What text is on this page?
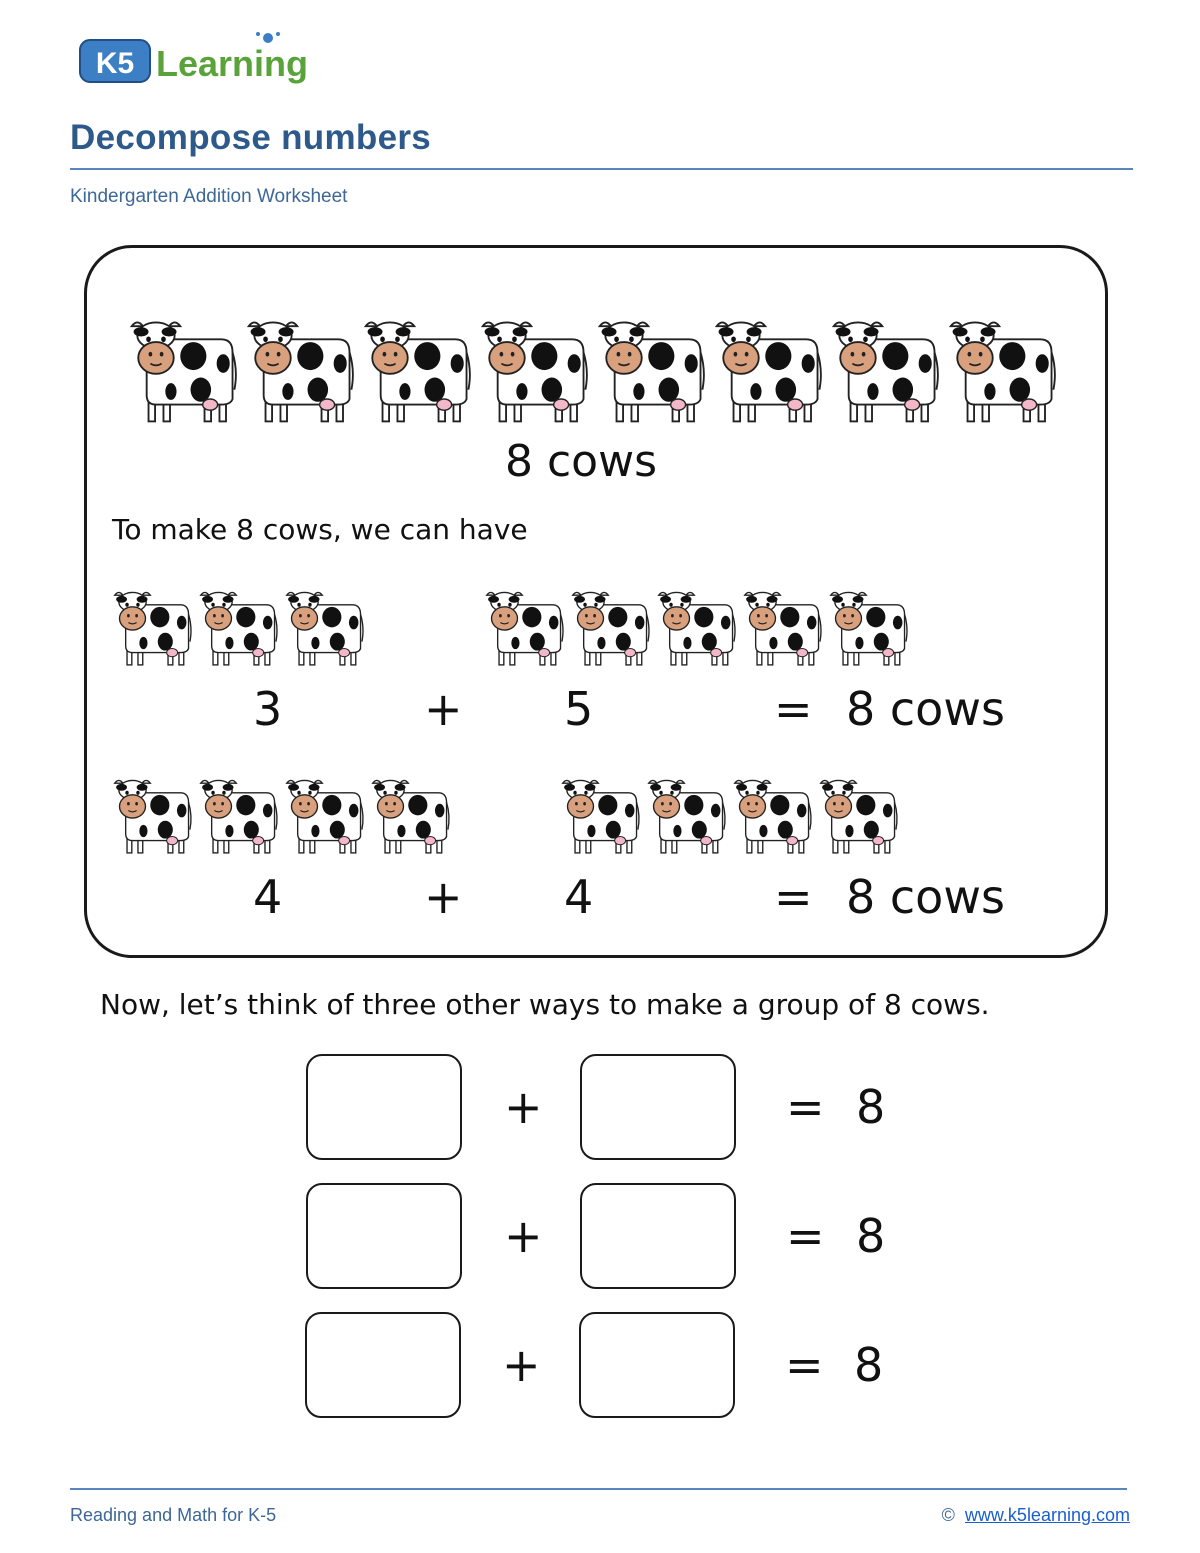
K5 Learning
Decompose numbers
Kindergarten Addition Worksheet
8 cows
To make 8 cows, we can have
3	+ 5	= 8 cows
4	+ 4	= 8 cows
Now, let’s think of three other ways to make a group of 8 cows.
+	= 8
+	= 8
+	= 8
Reading and Math for K-5	© www.k5learning.com
